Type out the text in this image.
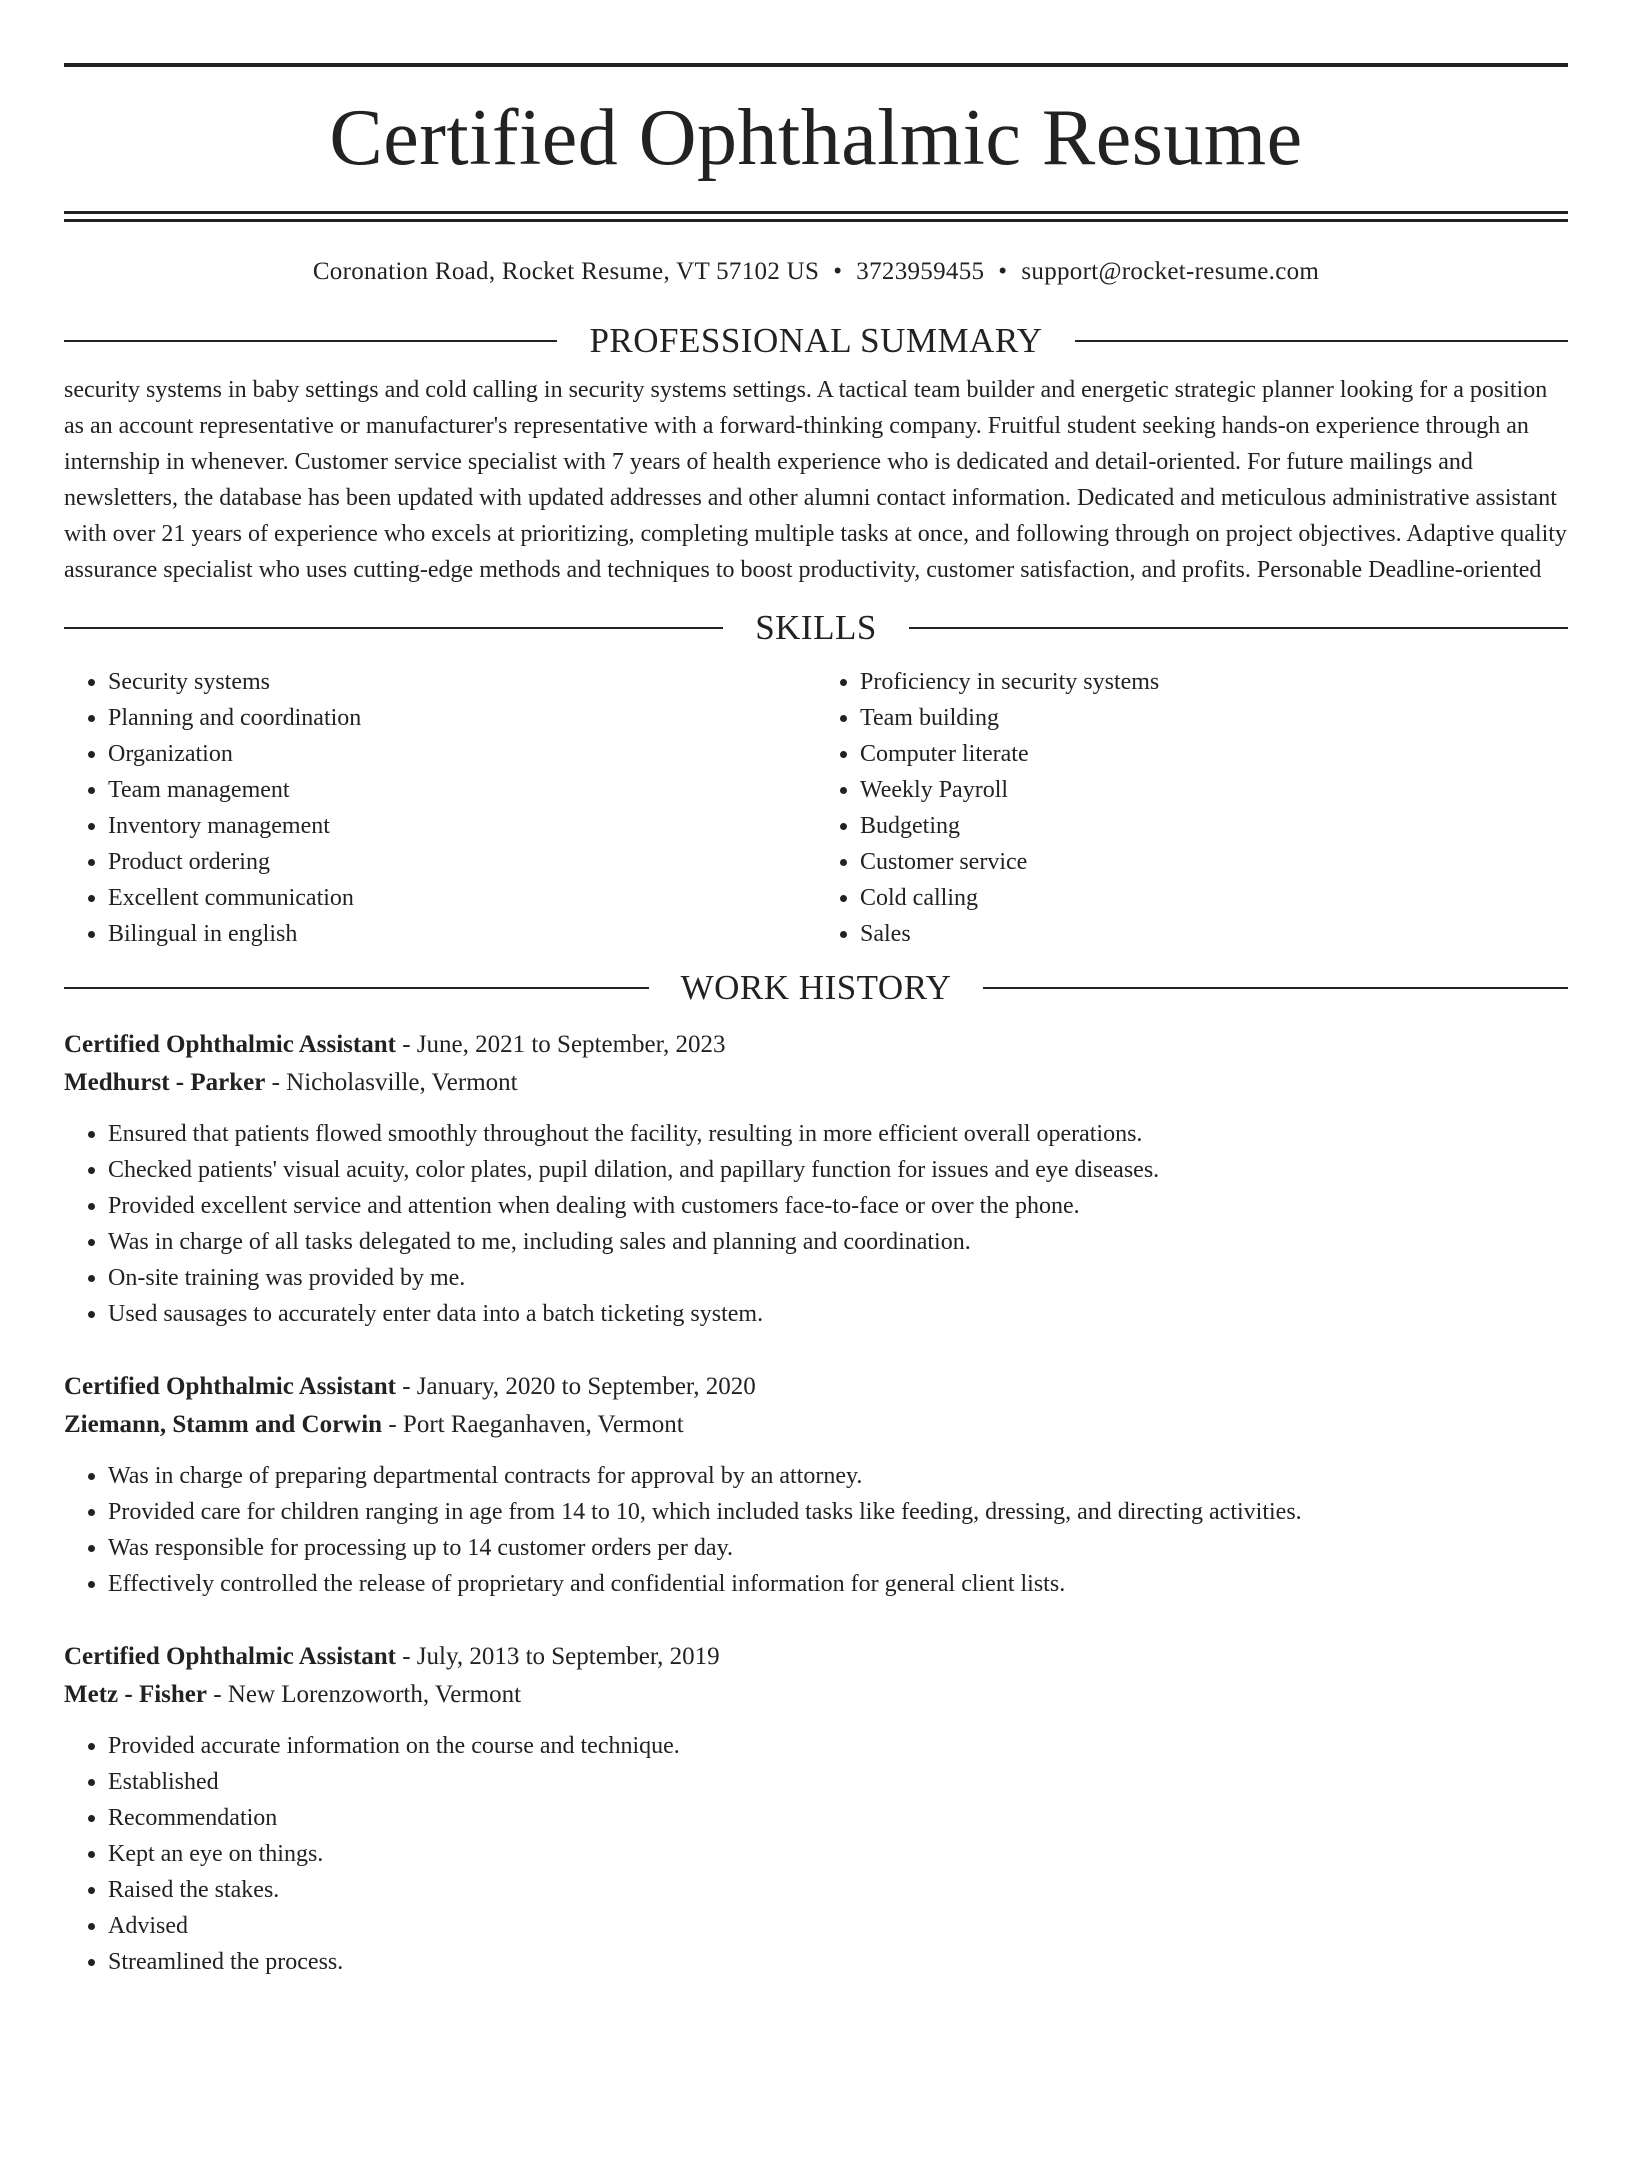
Certified Ophthalmic Resume
Coronation Road, Rocket Resume, VT 57102 US • 3723959455 • support@rocket-resume.com
PROFESSIONAL SUMMARY

security systems in baby settings and cold calling in security systems settings. A tactical team builder and energetic strategic planner looking for a position as an account representative or manufacturer's representative with a forward-thinking company. Fruitful student seeking hands-on experience through an internship in whenever. Customer service specialist with 7 years of health experience who is dedicated and detail-oriented. For future mailings and newsletters, the database has been updated with updated addresses and other alumni contact information. Dedicated and meticulous administrative assistant with over 21 years of experience who excels at prioritizing, completing multiple tasks at once, and following through on project objectives. Adaptive quality assurance specialist who uses cutting-edge methods and techniques to boost productivity, customer satisfaction, and profits. Personable Deadline-oriented

SKILLS
• Security systems
• Planning and coordination
• Organization
• Team management
• Inventory management
• Product ordering
• Excellent communication
• Bilingual in english
• Proficiency in security systems
• Team building
• Computer literate
• Weekly Payroll
• Budgeting
• Customer service
• Cold calling
• Sales
WORK HISTORY
Certified Ophthalmic Assistant - June, 2021 to September, 2023
Medhurst - Parker - Nicholasville, Vermont
• Ensured that patients flowed smoothly throughout the facility, resulting in more efficient overall operations.
• Checked patients' visual acuity, color plates, pupil dilation, and papillary function for issues and eye diseases.
• Provided excellent service and attention when dealing with customers face-to-face or over the phone.
• Was in charge of all tasks delegated to me, including sales and planning and coordination.
• On-site training was provided by me.
• Used sausages to accurately enter data into a batch ticketing system.
Certified Ophthalmic Assistant - January, 2020 to September, 2020
Ziemann, Stamm and Corwin - Port Raeganhaven, Vermont
• Was in charge of preparing departmental contracts for approval by an attorney.
• Provided care for children ranging in age from 14 to 10, which included tasks like feeding, dressing, and directing activities.
• Was responsible for processing up to 14 customer orders per day.
• Effectively controlled the release of proprietary and confidential information for general client lists.
Certified Ophthalmic Assistant - July, 2013 to September, 2019
Metz - Fisher - New Lorenzoworth, Vermont
• Provided accurate information on the course and technique.
• Established
• Recommendation
• Kept an eye on things.
• Raised the stakes.
• Advised
• Streamlined the process.
